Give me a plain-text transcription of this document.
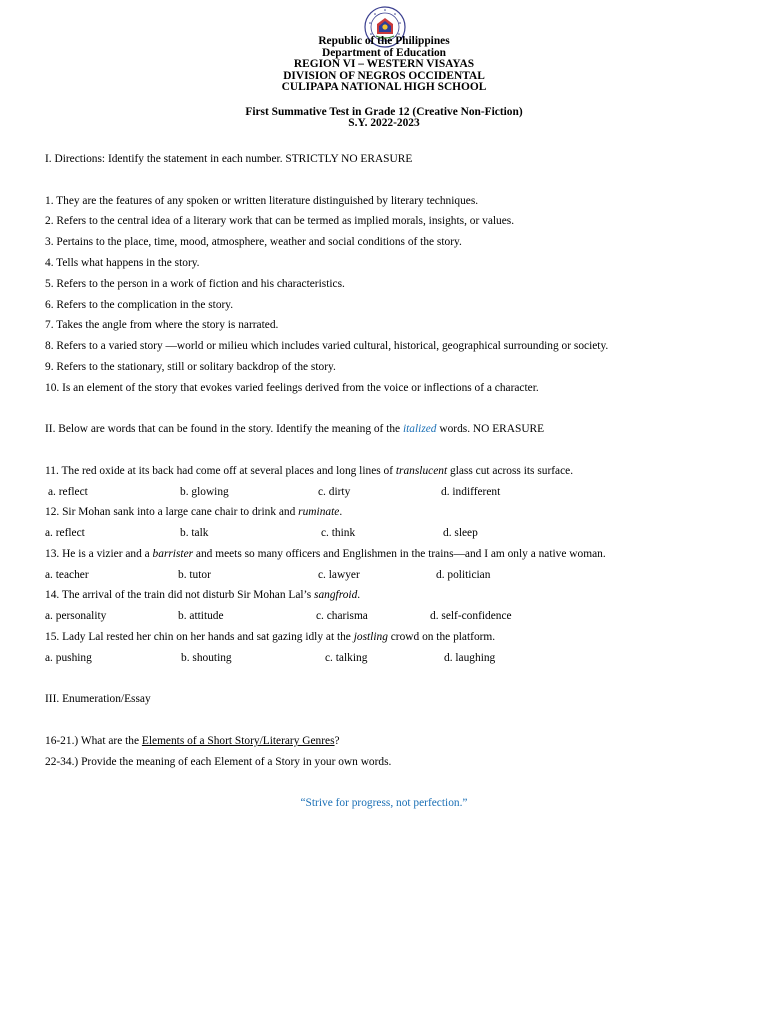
Republic of the Philippines
Department of Education
REGION VI – WESTERN VISAYAS
DIVISION OF NEGROS OCCIDENTAL
CULIPAPA NATIONAL HIGH SCHOOL
First Summative Test in Grade 12 (Creative Non-Fiction)
S.Y. 2022-2023
I. Directions: Identify the statement in each number. STRICTLY NO ERASURE
1. They are the features of any spoken or written literature distinguished by literary techniques.
2. Refers to the central idea of a literary work that can be termed as implied morals, insights, or values.
3. Pertains to the place, time, mood, atmosphere, weather and social conditions of the story.
4. Tells what happens in the story.
5. Refers to the person in a work of fiction and his characteristics.
6. Refers to the complication in the story.
7. Takes the angle from where the story is narrated.
8. Refers to a varied story —world or milieu which includes varied cultural, historical, geographical surrounding or society.
9. Refers to the stationary, still or solitary backdrop of the story.
10. Is an element of the story that evokes varied feelings derived from the voice or inflections of a character.
II. Below are words that can be found in the story. Identify the meaning of the italized words. NO ERASURE
11. The red oxide at its back had come off at several places and long lines of translucent glass cut across its surface.
a. reflect	b. glowing	c. dirty	d. indifferent
12. Sir Mohan sank into a large cane chair to drink and ruminate.
a. reflect	b. talk	c. think	d. sleep
13. He is a vizier and a barrister and meets so many officers and Englishmen in the trains—and I am only a native woman.
a. teacher	b. tutor	c. lawyer	d. politician
14. The arrival of the train did not disturb Sir Mohan Lal’s sangfroid.
a. personality	b. attitude	c. charisma	d. self-confidence
15. Lady Lal rested her chin on her hands and sat gazing idly at the jostling crowd on the platform.
a. pushing	b. shouting	c. talking	d. laughing
III. Enumeration/Essay
16-21.) What are the Elements of a Short Story/Literary Genres?
22-34.) Provide the meaning of each Element of a Story in your own words.
“Strive for progress, not perfection.”
